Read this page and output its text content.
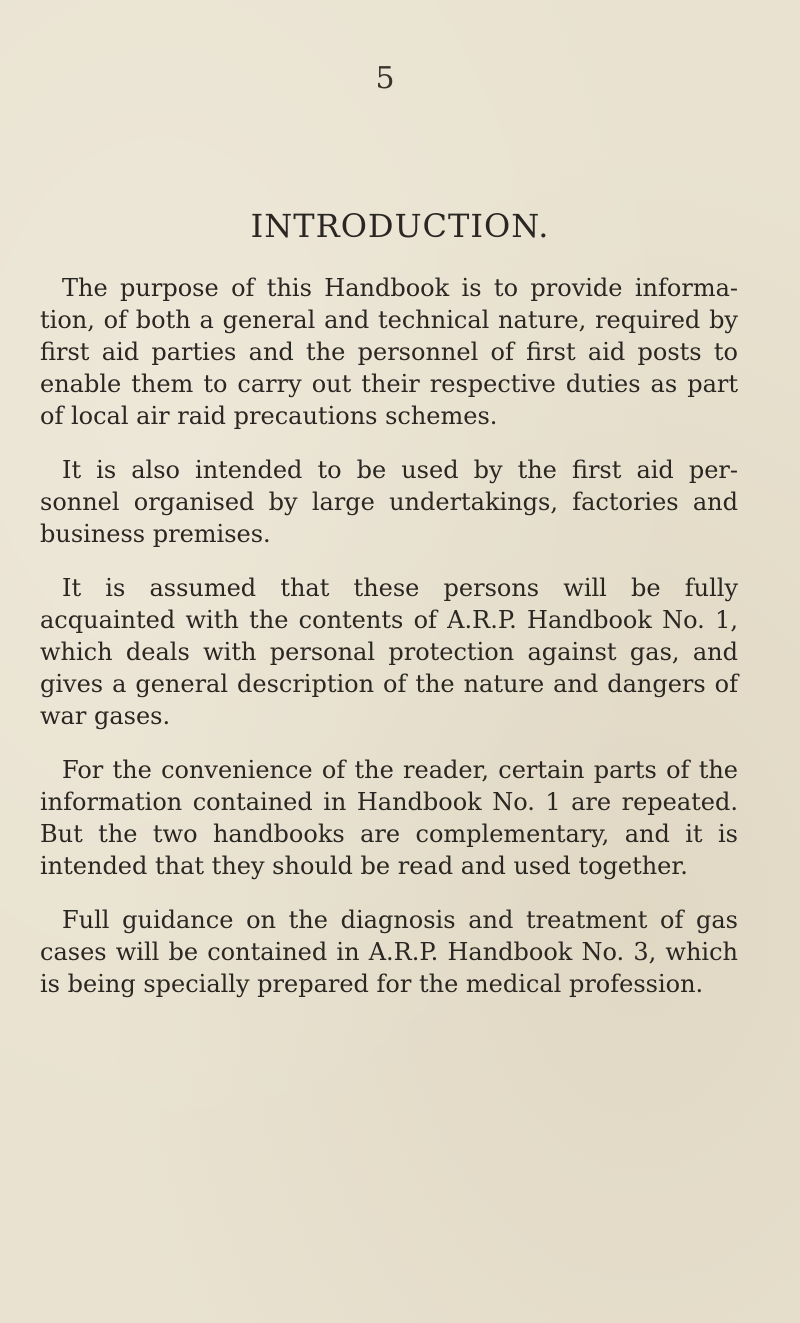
5
INTRODUCTION.

The purpose of this Handbook is to provide informa- tion, of both a general and technical nature, required by first aid parties and the personnel of first aid posts to enable them to carry out their respective duties as part of local air raid precautions schemes.

It is also intended to be used by the first aid per- sonnel organised by large undertakings, factories and business premises.

It is assumed that these persons will be fully acquainted with the contents of A.R.P. Handbook No. 1, which deals with personal protection against gas, and gives a general description of the nature and dangers of war gases.

For the convenience of the reader, certain parts of the information contained in Handbook No. 1 are repeated. But the two handbooks are complementary, and it is intended that they should be read and used together.

Full guidance on the diagnosis and treatment of gas cases will be contained in A.R.P. Handbook No. 3, which is being specially prepared for the medical profession.
